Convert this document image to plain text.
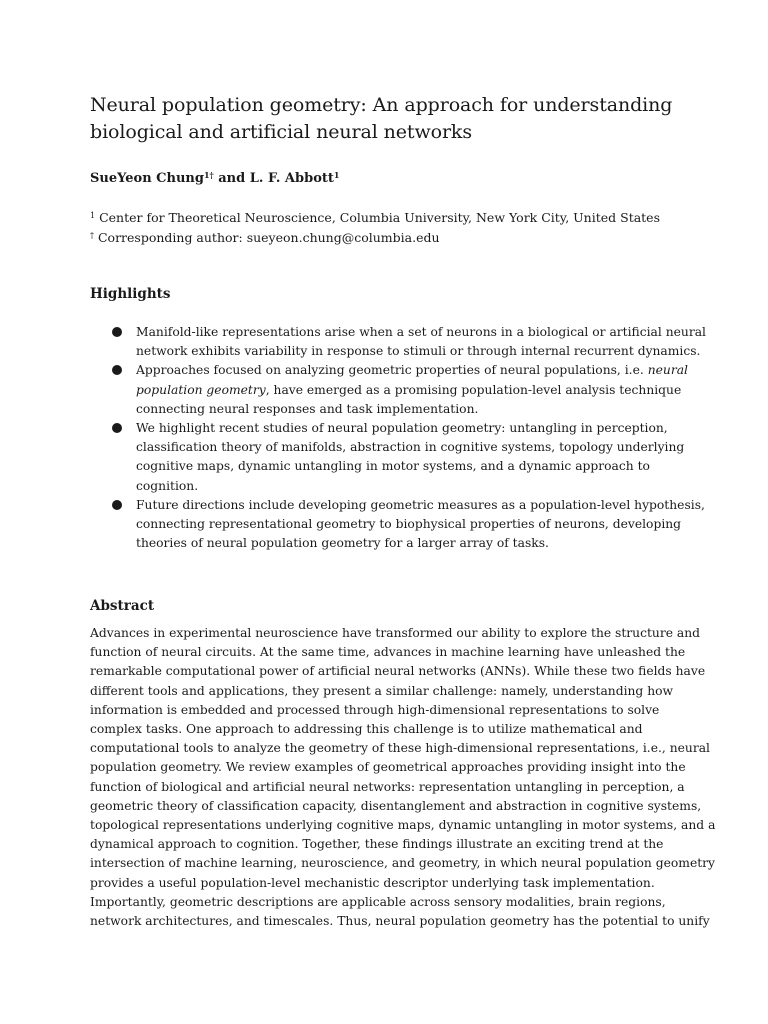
Neural population geometry: An approach for understanding
biological and artificial neural networks

SueYeon Chung$^{1\dagger}$ and L. F. Abbott$^1$

$^1$ Center for Theoretical Neuroscience, Columbia University, New York City, United States

† Corresponding author: sueyeon.chung@columbia.edu

Highlights
Manifold-like representations arise when a set of neurons in a biological or artificial neural
network exhibits variability in response to stimuli or through internal recurrent dynamics.
Approaches focused on analyzing geometric properties of neural populations, i.e. neural
population geometry, have emerged as a promising population-level analysis technique
connecting neural responses and task implementation.
We highlight recent studies of neural population geometry: untangling in perception,
classification theory of manifolds, abstraction in cognitive systems, topology underlying
cognitive maps, dynamic untangling in motor systems, and a dynamic approach to
cognition.
Future directions include developing geometric measures as a population-level hypothesis,
connecting representational geometry to biophysical properties of neurons, developing
theories of neural population geometry for a larger array of tasks.
Abstract

Advances in experimental neuroscience have transformed our ability to explore the structure and
function of neural circuits. At the same time, advances in machine learning have unleashed the
remarkable computational power of artificial neural networks (ANNs). While these two fields have
different tools and applications, they present a similar challenge: namely, understanding how
information is embedded and processed through high-dimensional representations to solve
complex tasks. One approach to addressing this challenge is to utilize mathematical and
computational tools to analyze the geometry of these high-dimensional representations, i.e., neural
population geometry. We review examples of geometrical approaches providing insight into the
function of biological and artificial neural networks: representation untangling in perception, a
geometric theory of classification capacity, disentanglement and abstraction in cognitive systems,
topological representations underlying cognitive maps, dynamic untangling in motor systems, and a
dynamical approach to cognition. Together, these findings illustrate an exciting trend at the
intersection of machine learning, neuroscience, and geometry, in which neural population geometry
provides a useful population-level mechanistic descriptor underlying task implementation.
Importantly, geometric descriptions are applicable across sensory modalities, brain regions,
network architectures, and timescales. Thus, neural population geometry has the potential to unify
